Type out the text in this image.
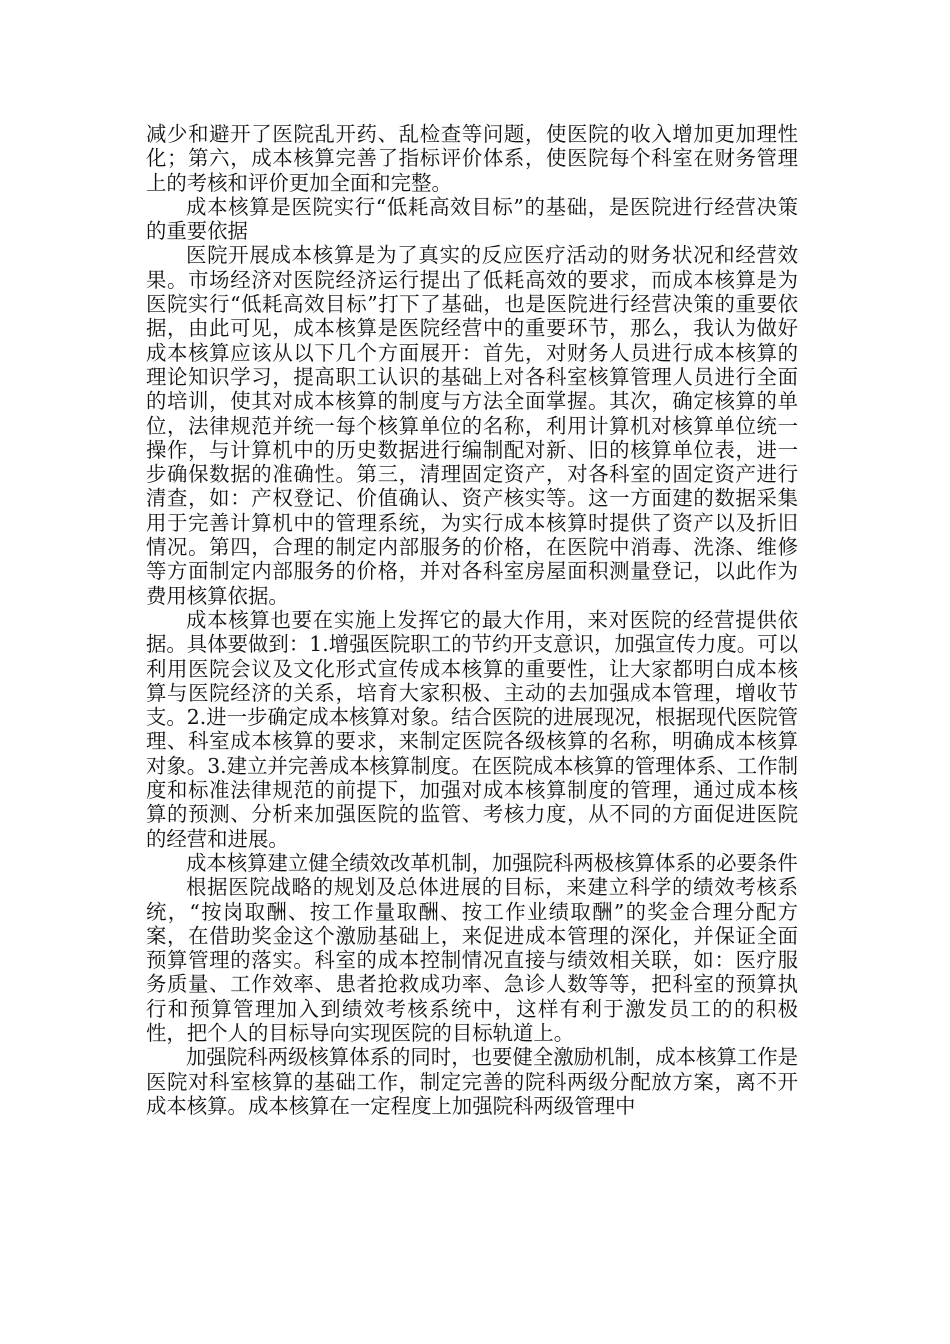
减少和避开了医院乱开药、乱检查等问题，使医院的收入增加更加理性化；第六，成本核算完善了指标评价体系，使医院每个科室在财务管理上的考核和评价更加全面和完整。

成本核算是医院实行“低耗高效目标”的基础，是医院进行经营决策的重要依据

医院开展成本核算是为了真实的反应医疗活动的财务状况和经营效果。市场经济对医院经济运行提出了低耗高效的要求，而成本核算是为医院实行“低耗高效目标”打下了基础，也是医院进行经营决策的重要依据，由此可见，成本核算是医院经营中的重要环节，那么，我认为做好成本核算应该从以下几个方面展开：首先，对财务人员进行成本核算的理论知识学习，提高职工认识的基础上对各科室核算管理人员进行全面的培训，使其对成本核算的制度与方法全面掌握。其次，确定核算的单位，法律规范并统一每个核算单位的名称，利用计算机对核算单位统一操作，与计算机中的历史数据进行编制配对新、旧的核算单位表，进一步确保数据的准确性。第三，清理固定资产，对各科室的固定资产进行清查，如：产权登记、价值确认、资产核实等。这一方面建的数据采集用于完善计算机中的管理系统，为实行成本核算时提供了资产以及折旧情况。第四，合理的制定内部服务的价格，在医院中消毒、洗涤、维修等方面制定内部服务的价格，并对各科室房屋面积测量登记，以此作为费用核算依据。

成本核算也要在实施上发挥它的最大作用，来对医院的经营提供依据。具体要做到：1.增强医院职工的节约开支意识，加强宣传力度。可以利用医院会议及文化形式宣传成本核算的重要性，让大家都明白成本核算与医院经济的关系，培育大家积极、主动的去加强成本管理，增收节支。2.进一步确定成本核算对象。结合医院的进展现况，根据现代医院管理、科室成本核算的要求，来制定医院各级核算的名称，明确成本核算对象。3.建立并完善成本核算制度。在医院成本核算的管理体系、工作制度和标准法律规范的前提下，加强对成本核算制度的管理，通过成本核算的预测、分析来加强医院的监管、考核力度，从不同的方面促进医院的经营和进展。

成本核算建立健全绩效改革机制，加强院科两极核算体系的必要条件

根据医院战略的规划及总体进展的目标，来建立科学的绩效考核系统，“按岗取酬、按工作量取酬、按工作业绩取酬”的奖金合理分配方案，在借助奖金这个激励基础上，来促进成本管理的深化，并保证全面预算管理的落实。科室的成本控制情况直接与绩效相关联，如：医疗服务质量、工作效率、患者抢救成功率、急诊人数等等，把科室的预算执行和预算管理加入到绩效考核系统中，这样有利于激发员工的的积极性，把个人的目标导向实现医院的目标轨道上。

加强院科两级核算体系的同时，也要健全激励机制，成本核算工作是医院对科室核算的基础工作，制定完善的院科两级分配放方案，离不开成本核算。成本核算在一定程度上加强院科两级管理中
